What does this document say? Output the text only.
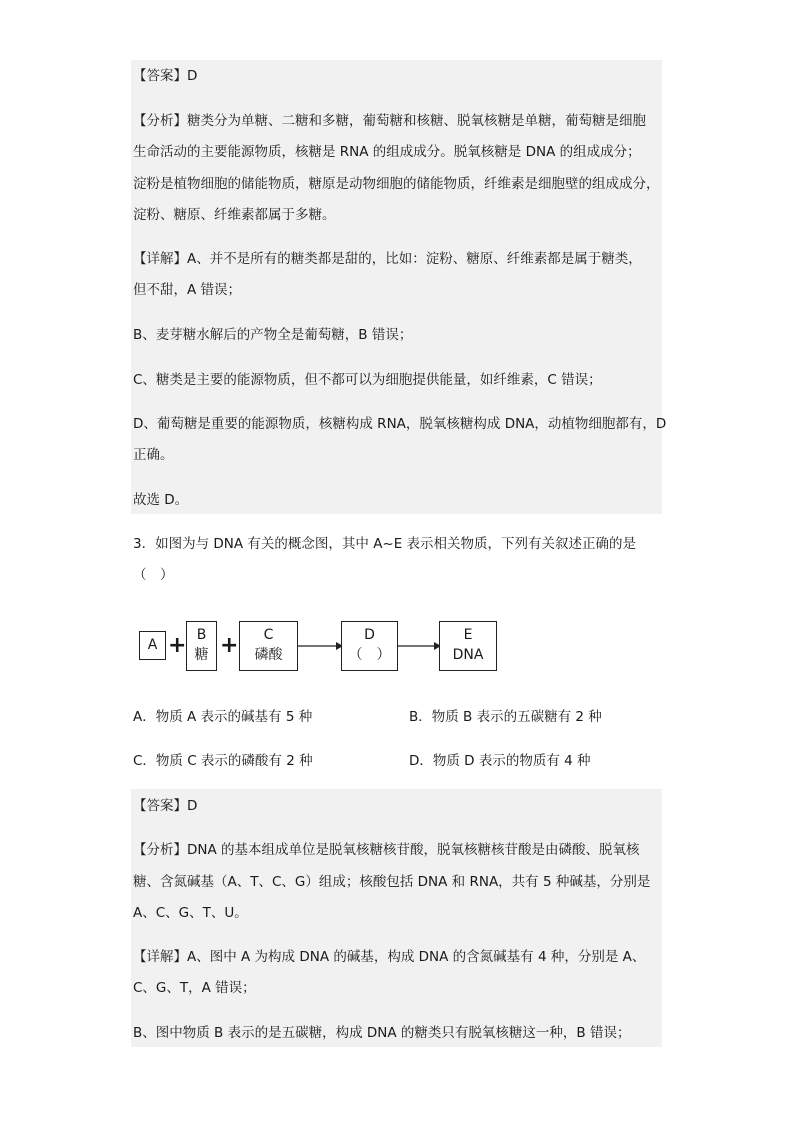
【答案】D
【分析】糖类分为单糖、二糖和多糖，葡萄糖和核糖、脱氧核糖是单糖，葡萄糖是细胞
生命活动的主要能源物质，核糖是 RNA 的组成成分。脱氧核糖是 DNA 的组成成分；
淀粉是植物细胞的储能物质，糖原是动物细胞的储能物质，纤维素是细胞壁的组成成分，
淀粉、糖原、纤维素都属于多糖。
【详解】A、并不是所有的糖类都是甜的，比如：淀粉、糖原、纤维素都是属于糖类，
但不甜，A 错误；
B、麦芽糖水解后的产物全是葡萄糖，B 错误；
C、糖类是主要的能源物质，但不都可以为细胞提供能量，如纤维素，C 错误；
D、葡萄糖是重要的能源物质，核糖构成 RNA，脱氧核糖构成 DNA，动植物细胞都有，D
正确。
故选 D。
3．如图为与 DNA 有关的概念图，其中 A~E 表示相关物质，下列有关叙述正确的是
（　）
A + B
糖 +	C
磷酸
D
（　）
E
DNA
A．物质 A 表示的碱基有 5 种	B．物质 B 表示的五碳糖有 2 种
C．物质 C 表示的磷酸有 2 种	D．物质 D 表示的物质有 4 种
【答案】D
【分析】DNA 的基本组成单位是脱氧核糖核苷酸，脱氧核糖核苷酸是由磷酸、脱氧核
糖、含氮碱基（A、T、C、G）组成；核酸包括 DNA 和 RNA，共有 5 种碱基，分别是
A、C、G、T、U。
【详解】A、图中 A 为构成 DNA 的碱基，构成 DNA 的含氮碱基有 4 种，分别是 A、
C、G、T，A 错误；
B、图中物质 B 表示的是五碳糖，构成 DNA 的糖类只有脱氧核糖这一种，B 错误；
